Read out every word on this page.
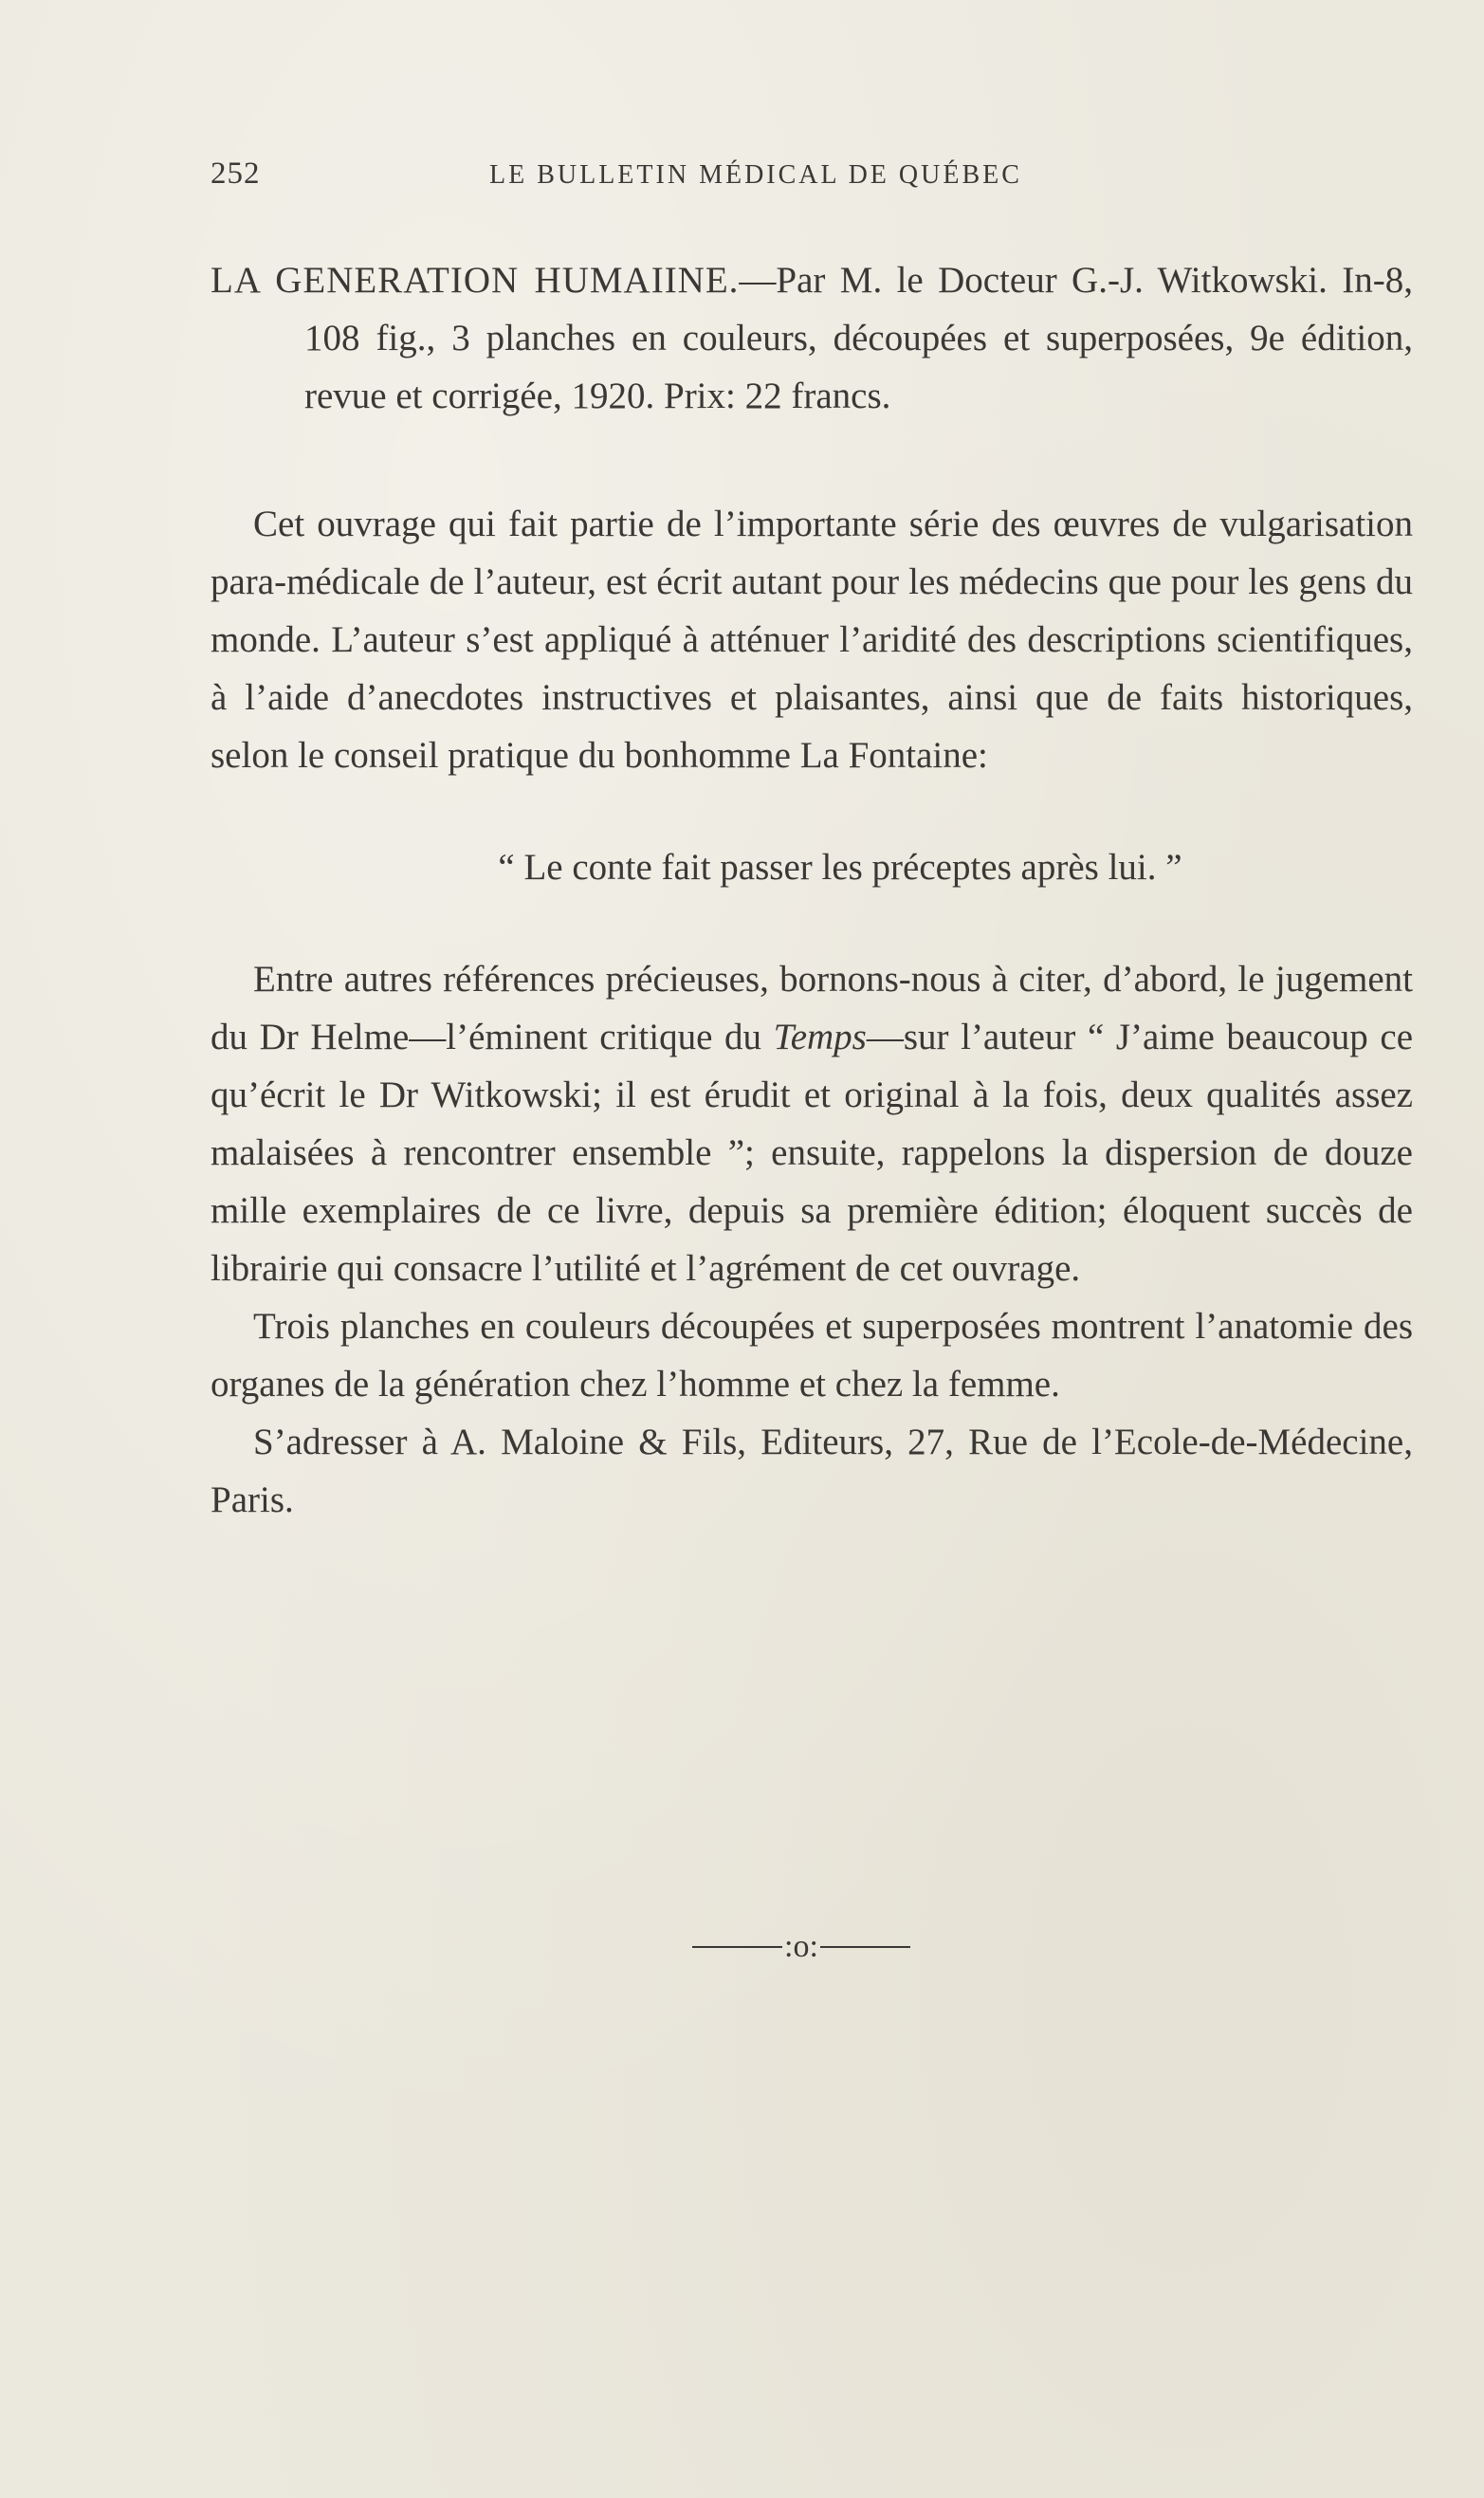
252	LE BULLETIN MÉDICAL DE QUÉBEC

LA GENERATION HUMAIINE.—Par M. le Docteur G.-J. Witkowski. In-8, 108 fig., 3 planches en couleurs, découpées et superposées, 9e édition, revue et corrigée, 1920. Prix: 22 francs.

Cet ouvrage qui fait partie de l’importante série des œuvres de vulgarisation para-médicale de l’auteur, est écrit autant pour les médecins que pour les gens du monde. L’auteur s’est appliqué à atténuer l’aridité des descriptions scientifiques, à l’aide d’anecdotes instructives et plaisantes, ainsi que de faits historiques, selon le conseil pratique du bonhomme La Fontaine:

“ Le conte fait passer les préceptes après lui. ”

Entre autres références précieuses, bornons-nous à citer, d’abord, le jugement du Dr Helme—l’éminent critique du Temps—sur l’auteur “ J’aime beaucoup ce qu’écrit le Dr Witkowski; il est érudit et original à la fois, deux qualités assez malaisées à rencontrer ensemble ”; ensuite, rappelons la dispersion de douze mille exemplaires de ce livre, depuis sa première édition; éloquent succès de librairie qui consacre l’utilité et l’agrément de cet ouvrage.

Trois planches en couleurs découpées et superposées montrent l’anatomie des organes de la génération chez l’homme et chez la femme.

S’adresser à A. Maloine & Fils, Editeurs, 27, Rue de l’Ecole-de-Médecine, Paris.

:o:
